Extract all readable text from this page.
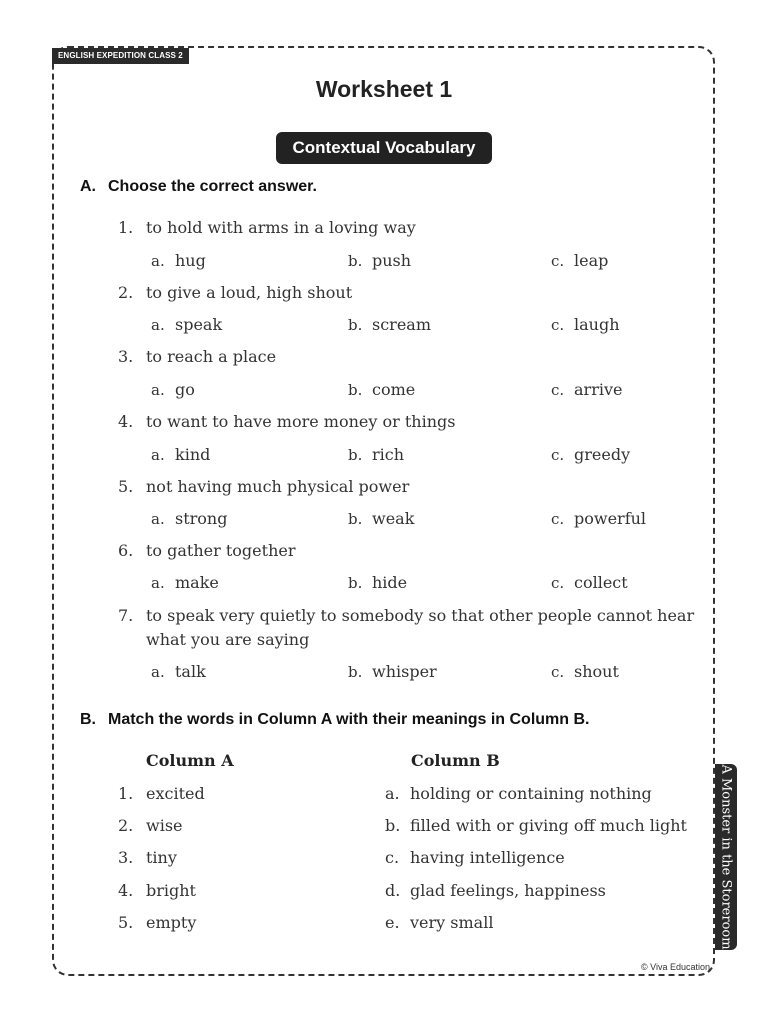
ENGLISH EXPEDITION CLASS 2
Worksheet 1
Contextual Vocabulary
A. Choose the correct answer.
1. to hold with arms in a loving way
a. hug	b. push	c. leap
2. to give a loud, high shout
a. speak	b. scream	c. laugh
3. to reach a place
a. go	b. come	c. arrive
4. to want to have more money or things
a. kind	b. rich	c. greedy
5. not having much physical power
a. strong	b. weak	c. powerful
6. to gather together
a. make	b. hide	c. collect
7. to speak very quietly to somebody so that other people cannot hear
what you are saying
a. talk	b. whisper	c. shout
B. Match the words in Column A with their meanings in Column B.
Column A	Column B
1. excited	a. holding or containing nothing
2. wise	b. filled with or giving off much light
3. tiny	c. having intelligence
4. bright	d. glad feelings, happiness
5. empty	e. very small	A Monster in the Storeroom
© Viva Education
